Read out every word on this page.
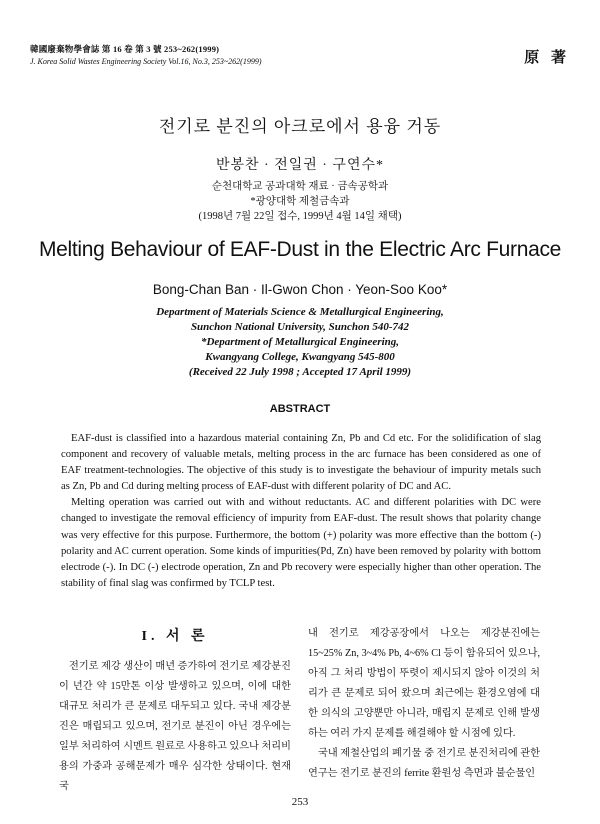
韓國廢棄物學會誌 第 16 卷 第 3 號 253~262(1999)
J. Korea Solid Wastes Engineering Society Vol.16, No.3, 253~262(1999)	原 著
전기로 분진의 아크로에서 용융 거동
반봉찬 · 전일권 · 구연수*
순천대학교 공과대학 재료 · 금속공학과
*광양대학 제철금속과
(1998년 7월 22일 접수, 1999년 4월 14일 채택)
Melting Behaviour of EAF-Dust in the Electric Arc Furnace
Bong-Chan Ban · Il-Gwon Chon · Yeon-Soo Koo*
Department of Materials Science & Metallurgical Engineering,
Sunchon National University, Sunchon 540-742
*Department of Metallurgical Engineering,
Kwangyang College, Kwangyang 545-800
(Received 22 July 1998 ; Accepted 17 April 1999)
ABSTRACT

EAF-dust is classified into a hazardous material containing Zn, Pb and Cd etc. For the solidification of slag component and recovery of valuable metals, melting process in the arc furnace has been considered as one of EAF treatment-technologies. The objective of this study is to investigate the behaviour of impurity metals such as Zn, Pb and Cd during melting process of EAF-dust with different polarity of DC and AC.

Melting operation was carried out with and without reductants. AC and different polarities with DC were changed to investigate the removal efficiency of impurity from EAF-dust. The result shows that polarity change was very effective for this purpose. Furthermore, the bottom (+) polarity was more effective than the bottom (-) polarity and AC current operation. Some kinds of impurities(Pd, Zn) have been removed by polarity with bottom electrode (-). In DC (-) electrode operation, Zn and Pb recovery were especially higher than other operation. The stability of final slag was confirmed by TCLP test.

I. 서 론

전기로 제강 생산이 매년 증가하여 전기로 제강분진이 년간 약 15만톤 이상 발생하고 있으며, 이에 대한 대규모 처리가 큰 문제로 대두되고 있다. 국내 제강분진은 매립되고 있으며, 전기로 분진이 아닌 경우에는 일부 처리하여 시멘트 원료로 사용하고 있으나 처리비용의 가중과 공해문제가 매우 심각한 상태이다. 현재 국

내 전기로 제강공장에서 나오는 제강분진에는 15~25% Zn, 3~4% Pb, 4~6% Cl 등이 함유되어 있으나, 아직 그 처리 방법이 뚜렷이 제시되지 않아 이것의 처리가 큰 문제로 되어 왔으며 최근에는 환경오염에 대한 의식의 고양뿐만 아니라, 매립지 문제로 인해 발생하는 여러 가지 문제를 해결해야 할 시점에 있다.

국내 제철산업의 폐기물 중 전기로 분진처리에 관한 연구는 전기로 분진의 ferrite 환원성 측면과 불순물인

253
